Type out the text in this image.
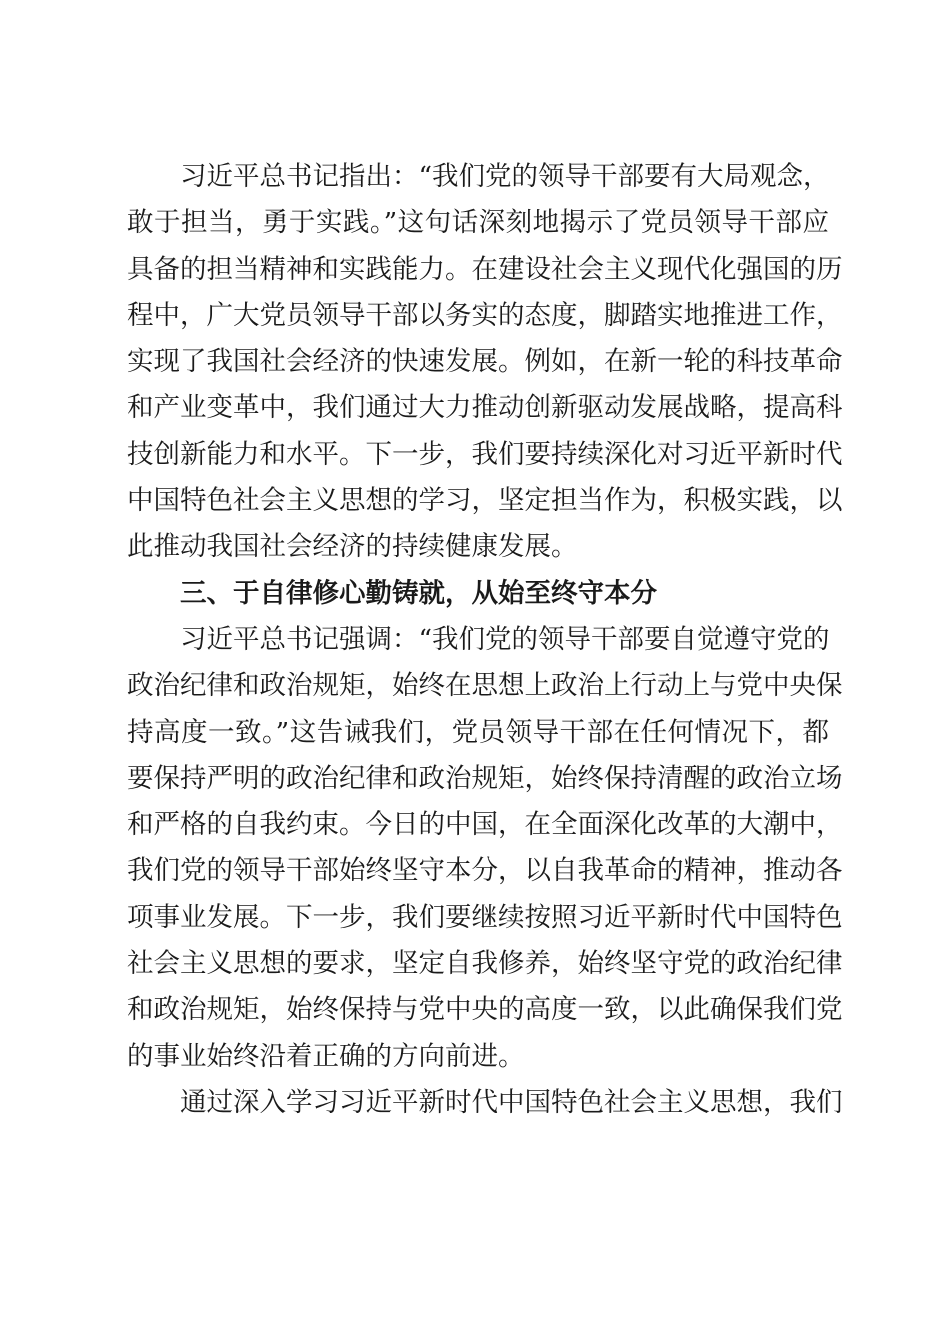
习近平总书记指出：“我们党的领导干部要有大局观念，
敢于担当，勇于实践。”这句话深刻地揭示了党员领导干部应
具备的担当精神和实践能力。在建设社会主义现代化强国的历
程中，广大党员领导干部以务实的态度，脚踏实地推进工作，
实现了我国社会经济的快速发展。例如，在新一轮的科技革命
和产业变革中，我们通过大力推动创新驱动发展战略，提高科
技创新能力和水平。下一步，我们要持续深化对习近平新时代
中国特色社会主义思想的学习，坚定担当作为，积极实践，以
此推动我国社会经济的持续健康发展。
三、于自律修心勤铸就，从始至终守本分
习近平总书记强调：“我们党的领导干部要自觉遵守党的
政治纪律和政治规矩，始终在思想上政治上行动上与党中央保
持高度一致。”这告诫我们，党员领导干部在任何情况下，都
要保持严明的政治纪律和政治规矩，始终保持清醒的政治立场
和严格的自我约束。今日的中国，在全面深化改革的大潮中，
我们党的领导干部始终坚守本分，以自我革命的精神，推动各
项事业发展。下一步，我们要继续按照习近平新时代中国特色
社会主义思想的要求，坚定自我修养，始终坚守党的政治纪律
和政治规矩，始终保持与党中央的高度一致，以此确保我们党
的事业始终沿着正确的方向前进。
通过深入学习习近平新时代中国特色社会主义思想，我们
